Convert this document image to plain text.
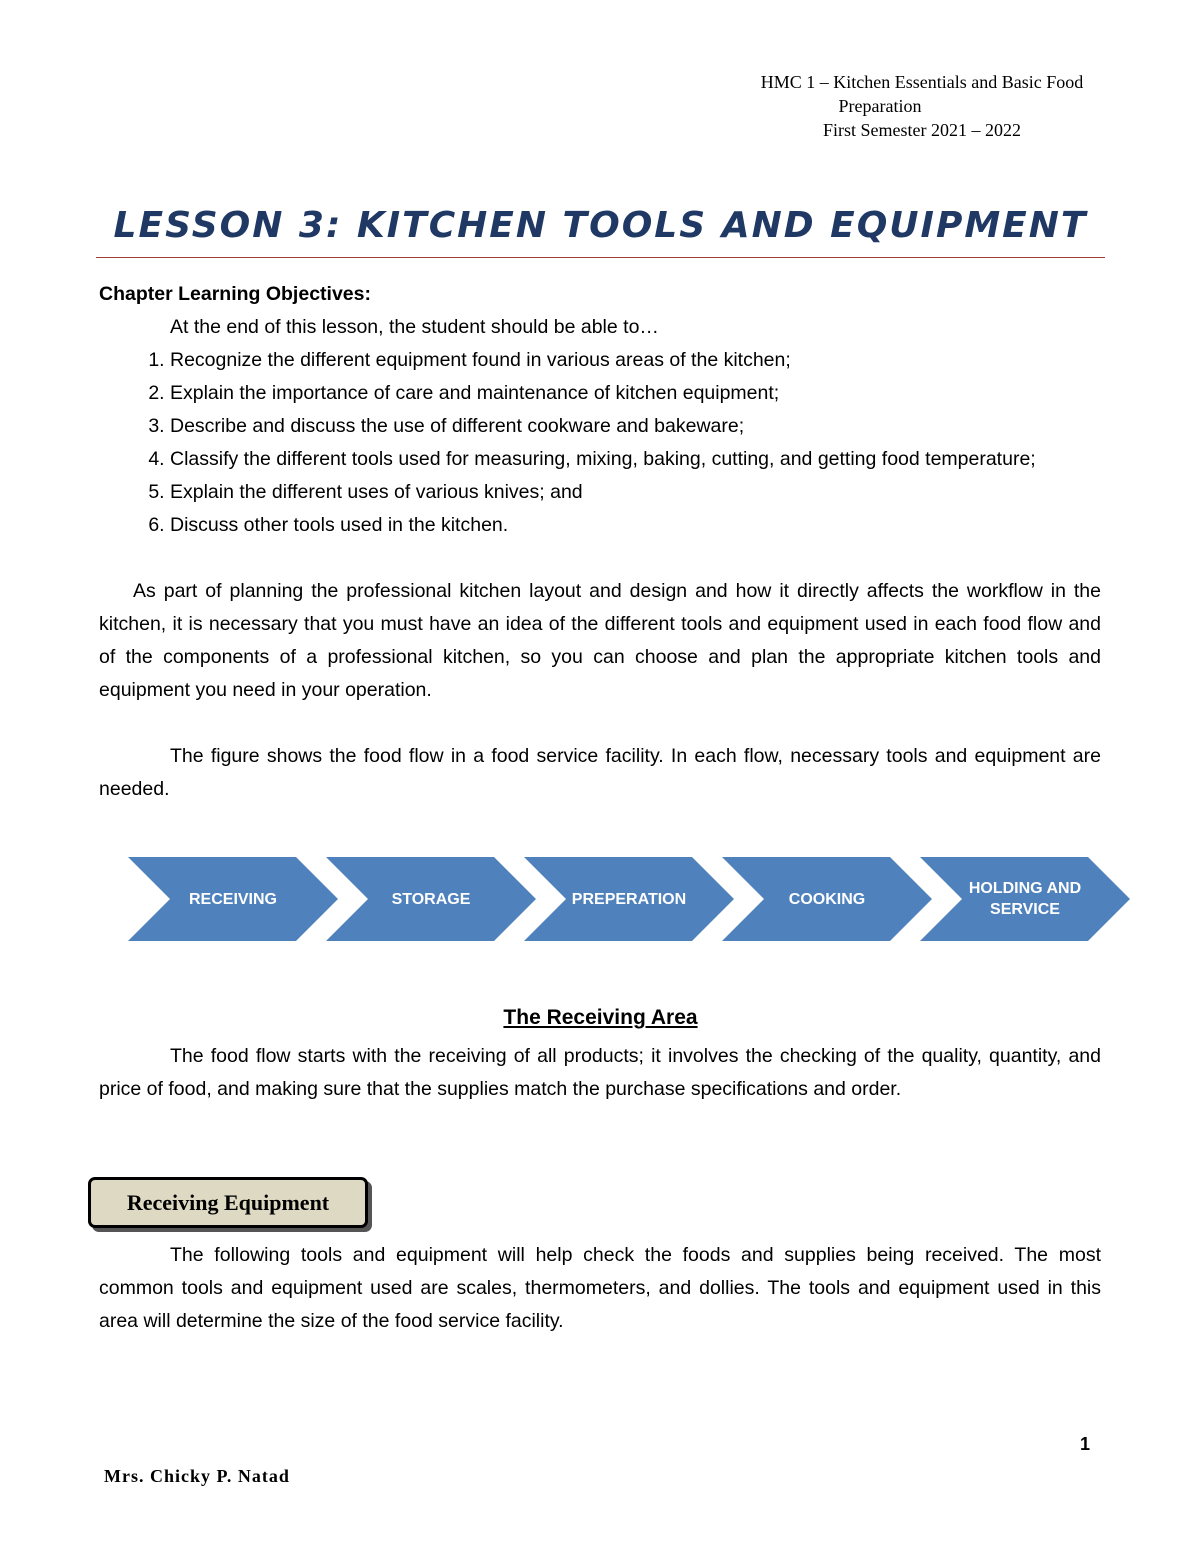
HMC 1 – Kitchen Essentials and Basic Food
Preparation
First Semester 2021 – 2022
LESSON 3: KITCHEN TOOLS AND EQUIPMENT
Chapter Learning Objectives:
At the end of this lesson, the student should be able to…

1. Recognize the different equipment found in various areas of the kitchen;

2. Explain the importance of care and maintenance of kitchen equipment;

3. Describe and discuss the use of different cookware and bakeware;

4. Classify the different tools used for measuring, mixing, baking, cutting, and getting food temperature;

5. Explain the different uses of various knives; and

6. Discuss other tools used in the kitchen.

As part of planning the professional kitchen layout and design and how it directly affects the workflow in the kitchen, it is necessary that you must have an idea of the different tools and equipment used in each food flow and of the components of a professional kitchen, so you can choose and plan the appropriate kitchen tools and equipment you need in your operation.

The figure shows the food flow in a food service facility. In each flow, necessary tools and equipment are needed.

RECEIVING	STORAGE	PREPERATION	COOKING
HOLDING AND SERVICE
The Receiving Area

The food flow starts with the receiving of all products; it involves the checking of the quality, quantity, and price of food, and making sure that the supplies match the purchase specifications and order.

Receiving Equipment

The following tools and equipment will help check the foods and supplies being received. The most common tools and equipment used are scales, thermometers, and dollies. The tools and equipment used in this area will determine the size of the food service facility.

1
Mrs. Chicky P. Natad
